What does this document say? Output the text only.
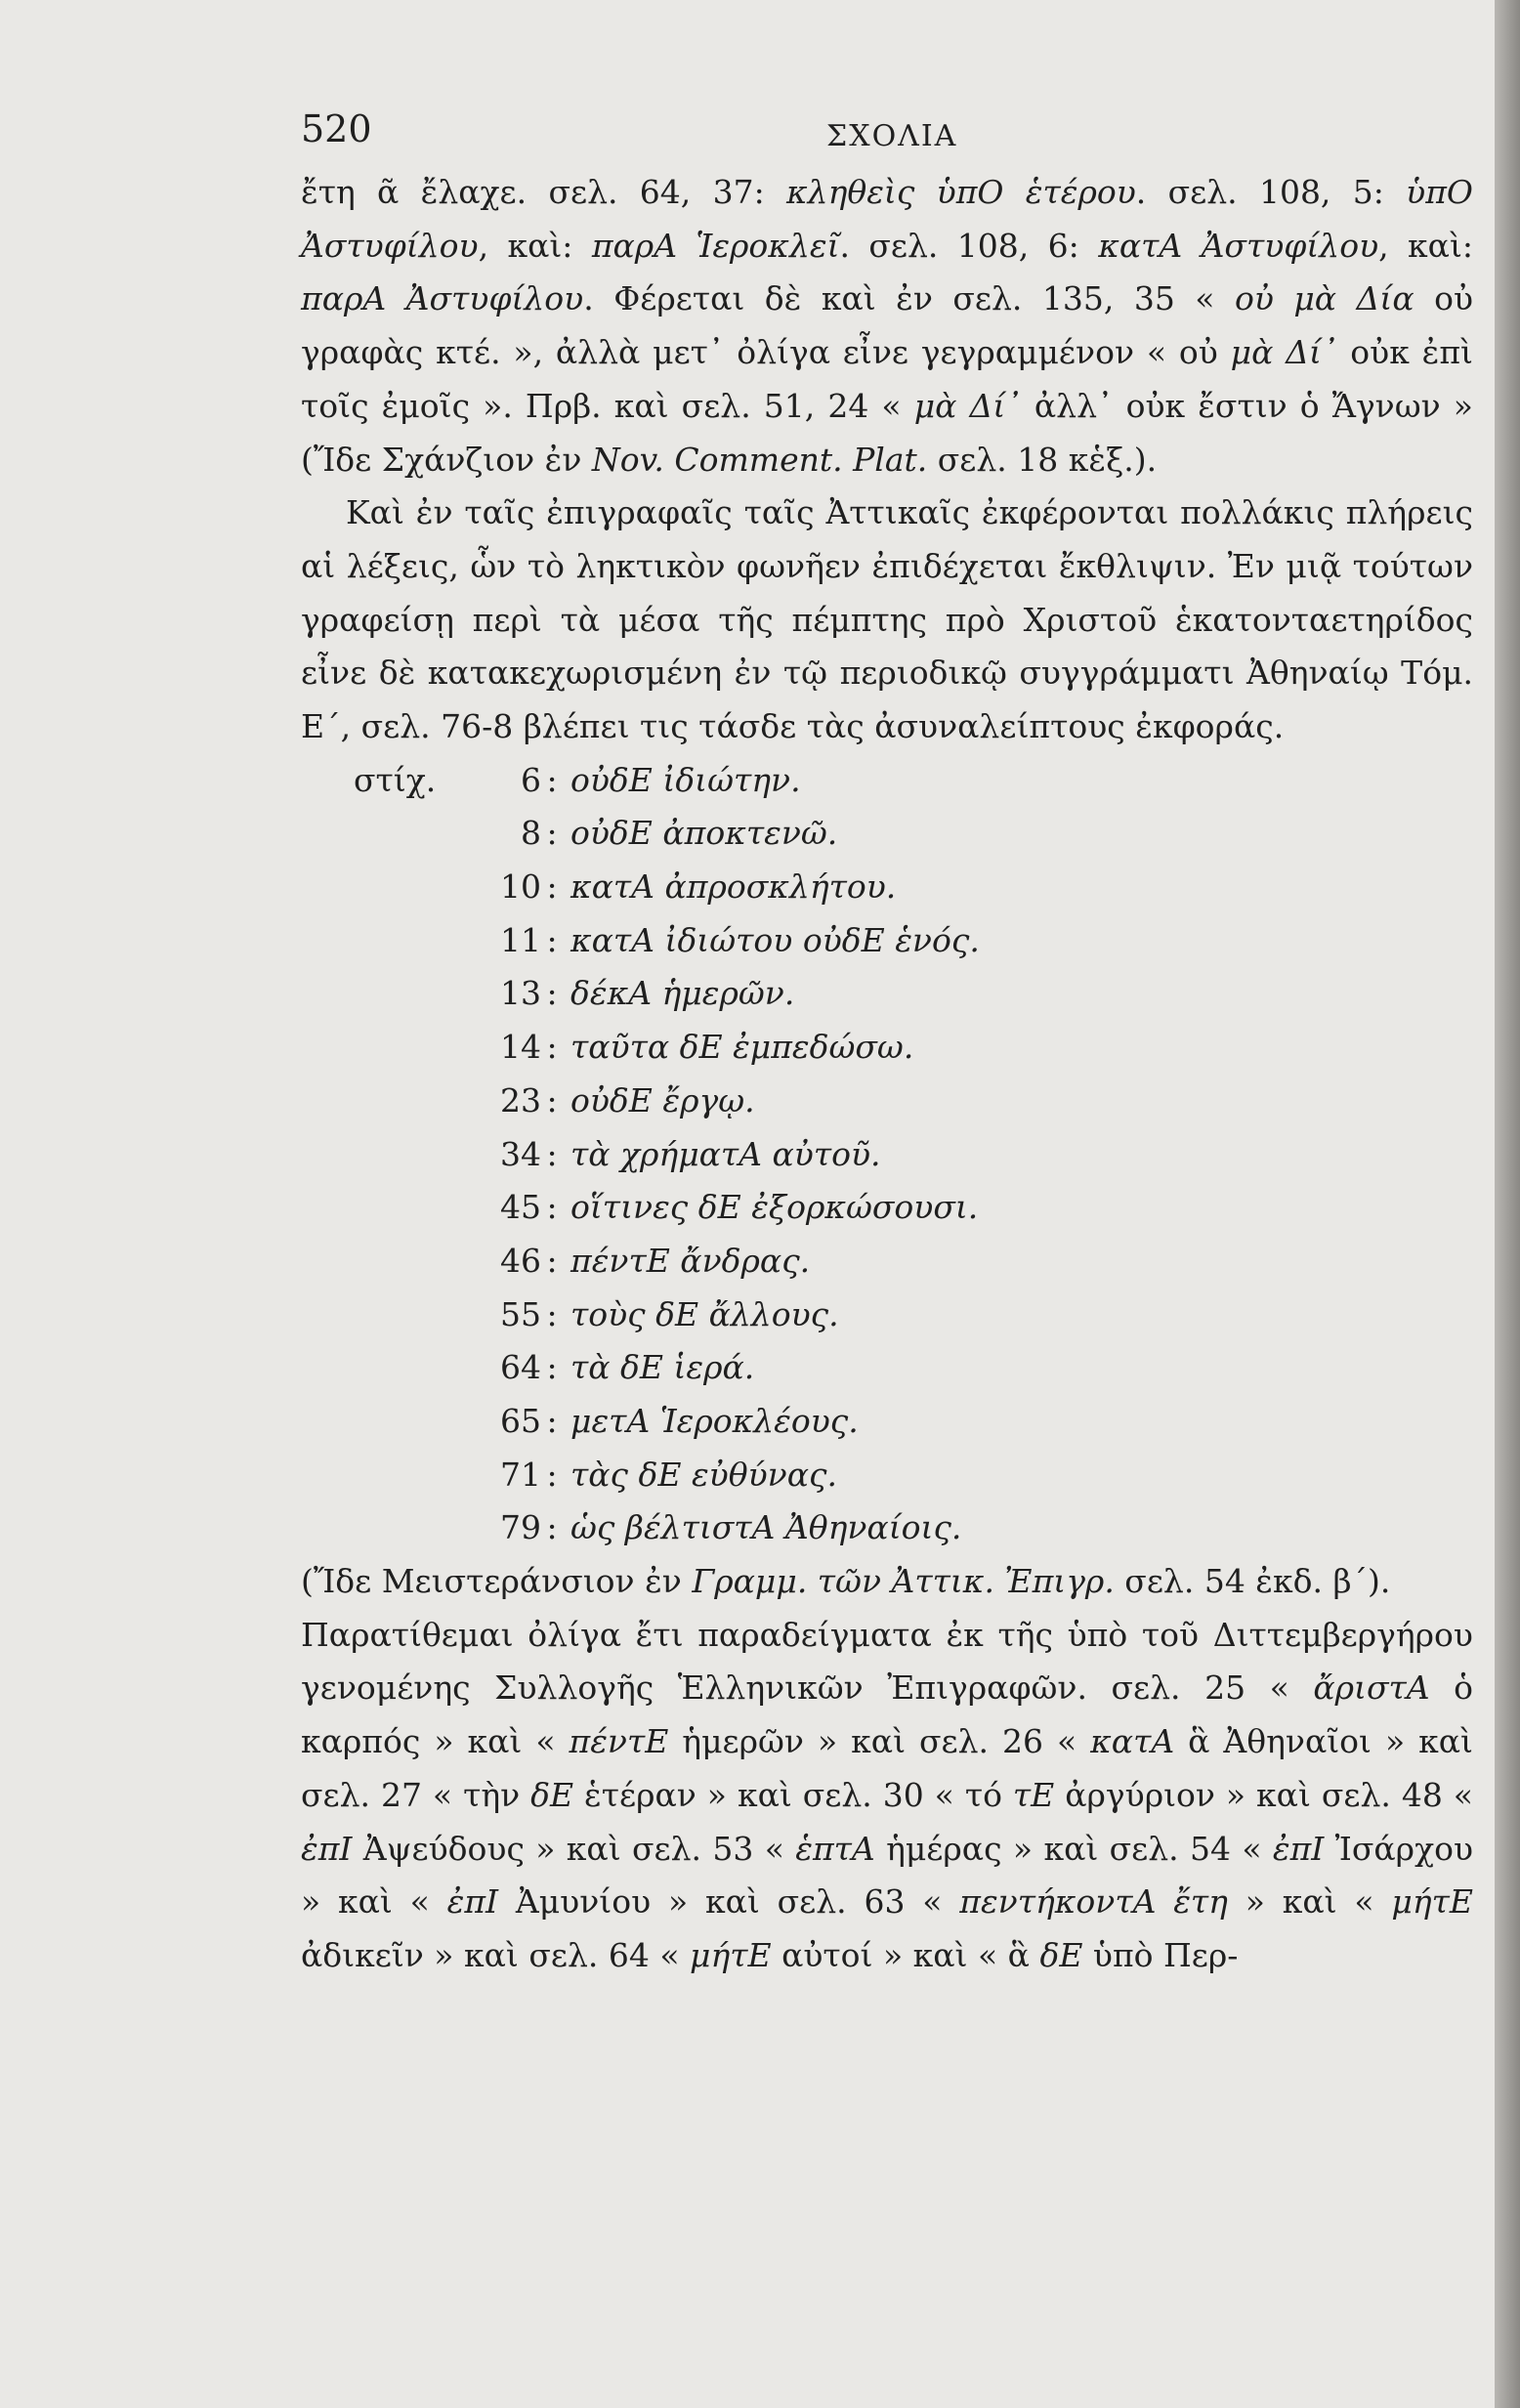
520	ΣΧΟΛΙΑ

ἔτη ᾶ ἔλαχε. σελ. 64, 37: κληθεὶς ὑπΟ ἑτέρου. σελ. 108, 5: ὑπΟ Ἀστυφίλου, καὶ: παρΑ Ἱεροκλεῖ. σελ. 108, 6: κατΑ Ἀστυφίλου, καὶ: παρΑ Ἀστυφίλου. Φέρεται δὲ καὶ ἐν σελ. 135, 35 « οὐ μὰ Δία οὐ γραφὰς κτέ. », ἀλλὰ μετ᾽ ὀλίγα εἶνε γεγραμμένον « οὐ μὰ Δί᾽ οὐκ ἐπὶ τοῖς ἐμοῖς ». Πρβ. καὶ σελ. 51, 24 « μὰ Δί᾽ ἀλλ᾽ οὐκ ἔστιν ὁ Ἄγνων » (Ἴδε Σχάνζιον ἐν Nov. Comment. Plat. σελ. 18 κἑξ.).

Καὶ ἐν ταῖς ἐπιγραφαῖς ταῖς Ἀττικαῖς ἐκφέρονται πολλάκις πλήρεις αἱ λέξεις, ὧν τὸ ληκτικὸν φωνῆεν ἐπιδέχεται ἔκθλιψιν. Ἐν μιᾷ τούτων γραφείσῃ περὶ τὰ μέσα τῆς πέμπτης πρὸ Χριστοῦ ἑκατονταετηρίδος εἶνε δὲ κατακεχωρισμένη ἐν τῷ περιοδικῷ συγγράμματι Ἀθηναίῳ Τόμ. Ε΄, σελ. 76-8 βλέπει τις τάσδε τὰς ἀσυναλείπτους ἐκφοράς.

στίχ.	6 : οὐδΕ ἰδιώτην.
8 : οὐδΕ ἀποκτενῶ.
10 : κατΑ ἀπροσκλήτου.
11 : κατΑ ἰδιώτου οὐδΕ ἑνός.
13 : δέκΑ ἡμερῶν.
14 : ταῦτα δΕ ἐμπεδώσω.
23 : οὐδΕ ἔργῳ.
34 : τὰ χρήματΑ αὐτοῦ.
45 : οἵτινες δΕ ἐξορκώσουσι.
46 : πέντΕ ἄνδρας.
55 : τοὺς δΕ ἄλλους.
64 : τὰ δΕ ἱερά.
65 : μετΑ Ἱεροκλέους.
71 : τὰς δΕ εὐθύνας.
79 : ὡς βέλτιστΑ Ἀθηναίοις.

(Ἴδε Μειστεράνσιον ἐν Γραμμ. τῶν Ἀττικ. Ἐπιγρ. σελ. 54 ἐκδ. β΄).

Παρατίθεμαι ὀλίγα ἔτι παραδείγματα ἐκ τῆς ὑπὸ τοῦ Διττεμβεργήρου γενομένης Συλλογῆς Ἑλληνικῶν Ἐπιγραφῶν. σελ. 25 « ἄριστΑ ὁ καρπός » καὶ « πέντΕ ἡμερῶν » καὶ σελ. 26 « κατΑ ἃ Ἀθηναῖοι » καὶ σελ. 27 « τὴν δΕ ἑτέραν » καὶ σελ. 30 « τό τΕ ἀργύριον » καὶ σελ. 48 « ἐπΙ Ἀψεύδους » καὶ σελ. 53 « ἑπτΑ ἡμέρας » καὶ σελ. 54 « ἐπΙ Ἰσάρχου » καὶ « ἐπΙ Ἀμυνίου » καὶ σελ. 63 « πεντήκοντΑ ἔτη » καὶ « μήτΕ ἀδικεῖν » καὶ σελ. 64 « μήτΕ αὐτοί » καὶ « ἃ δΕ ὑπὸ Περ-
